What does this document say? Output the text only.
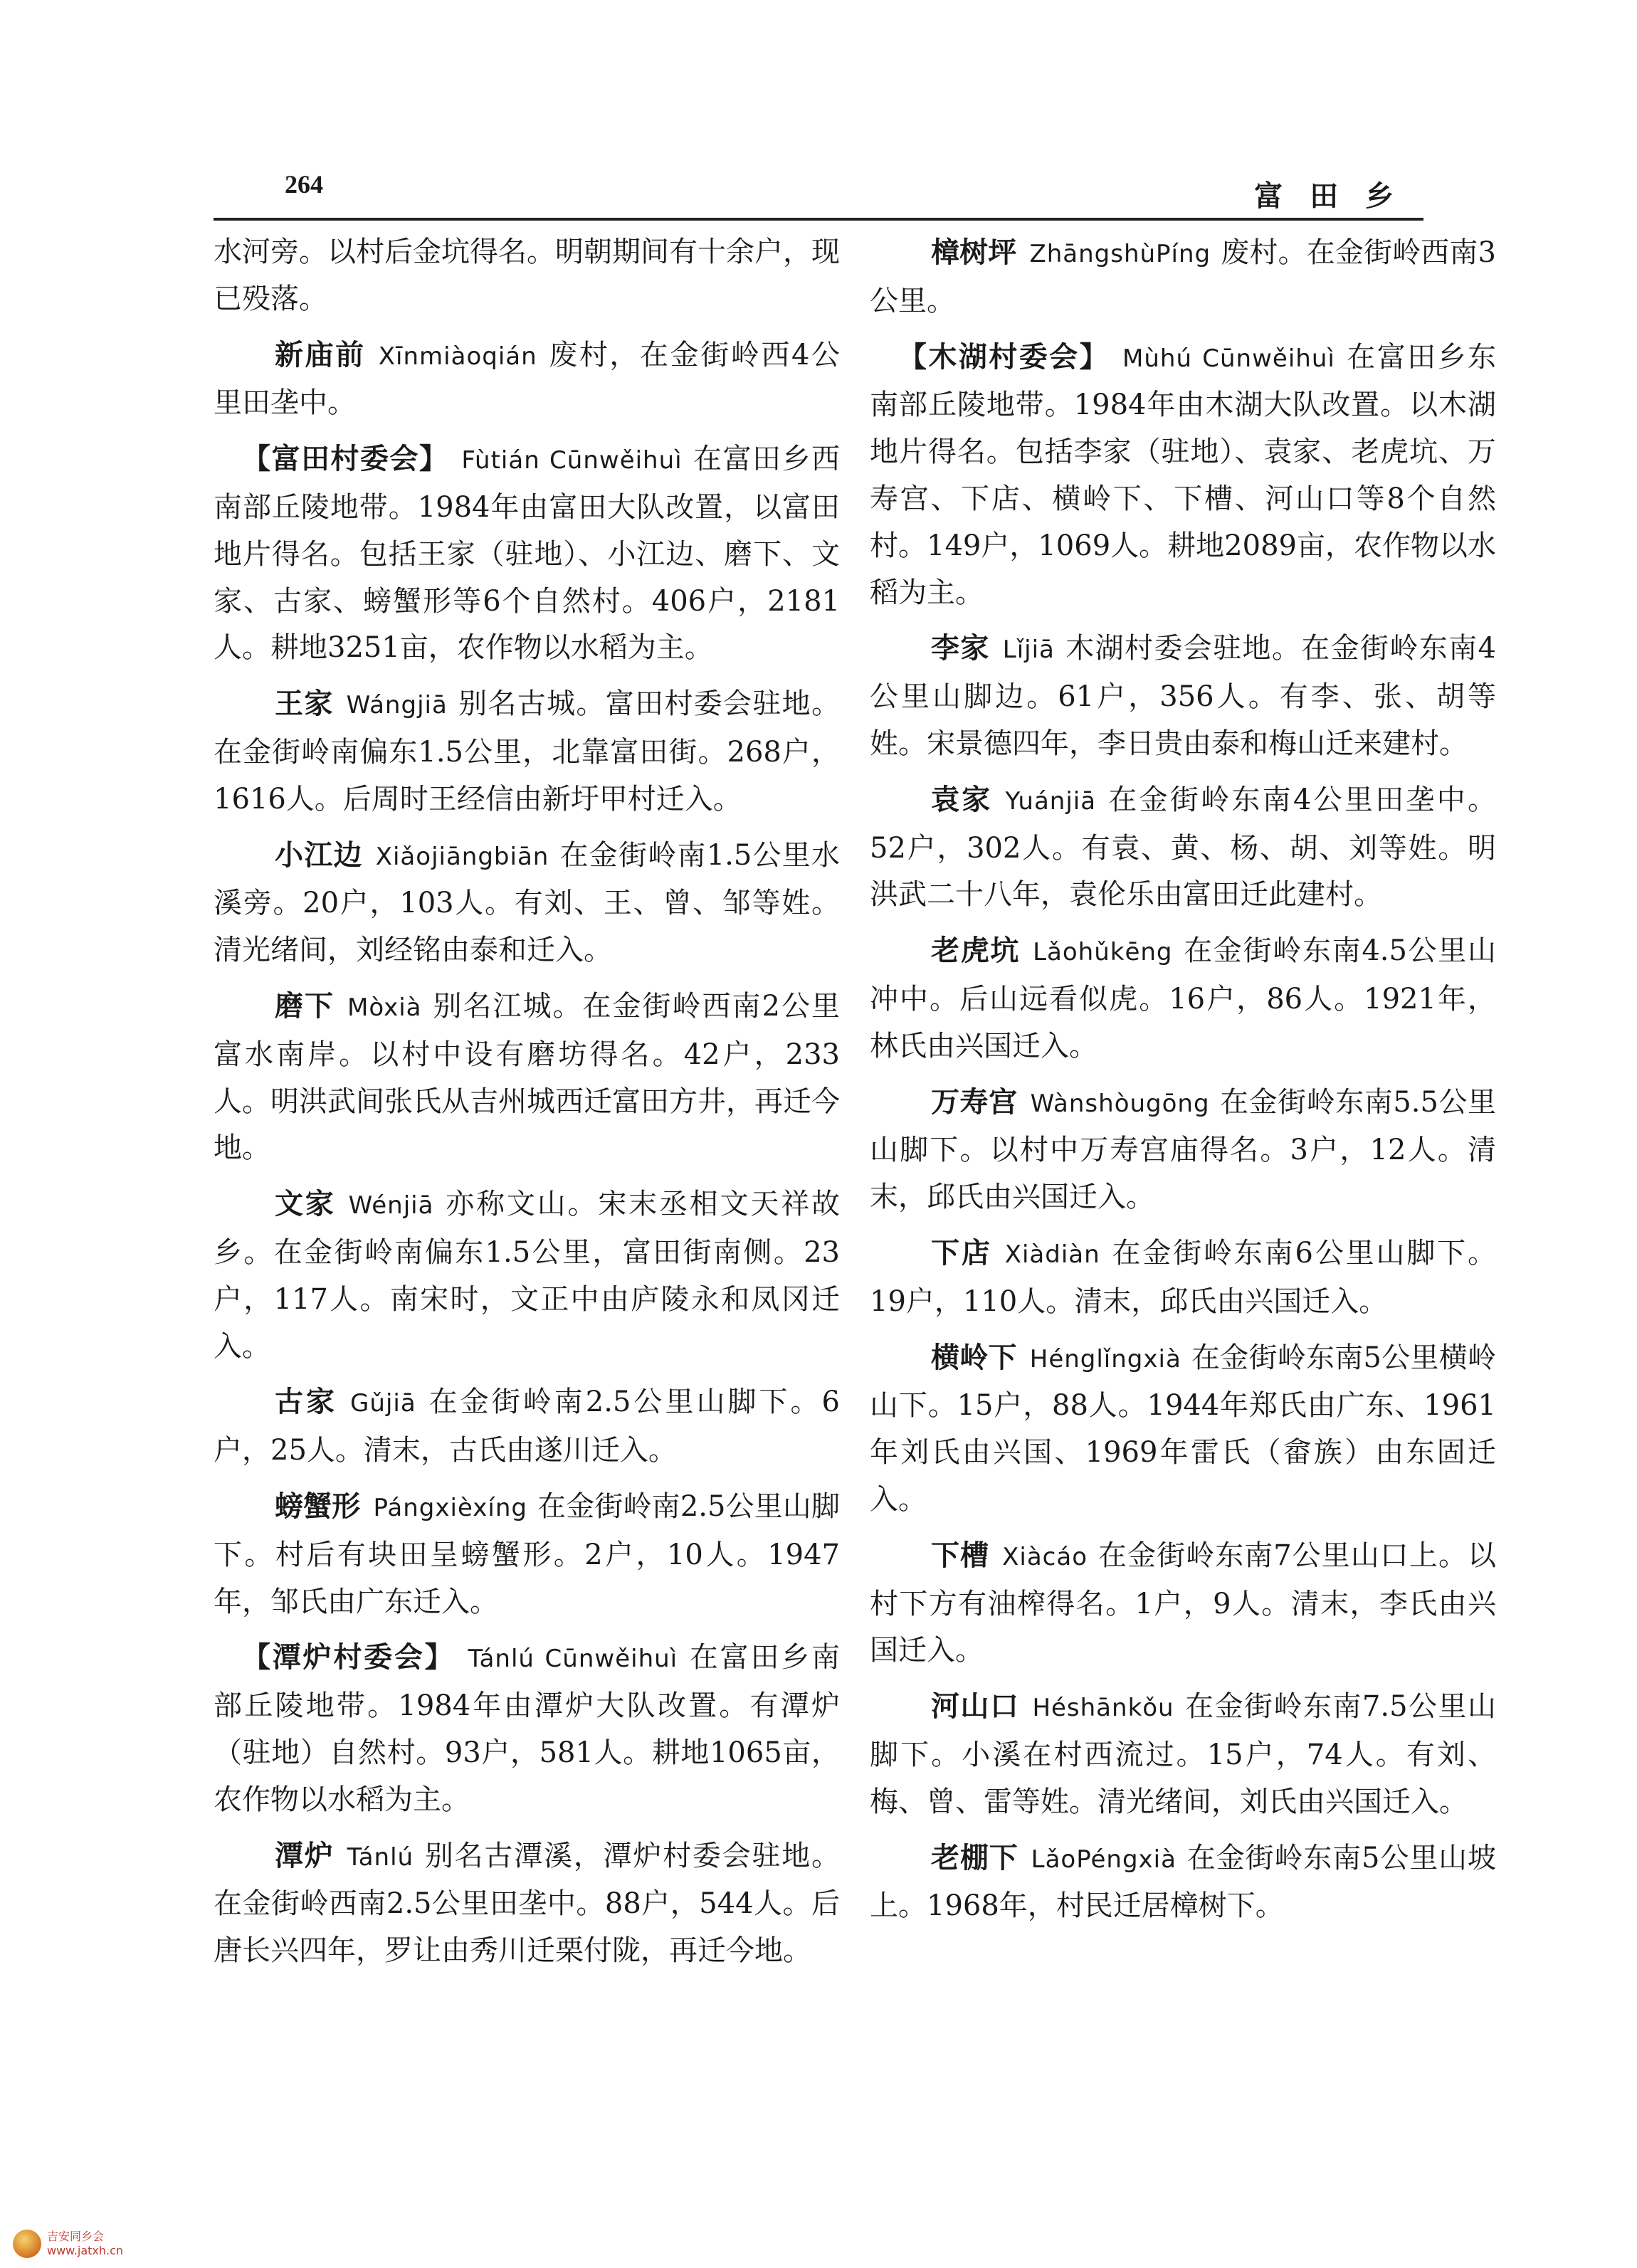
264	富 田 乡

水河旁。以村后金坑得名。明朝期间有十余户，现已殁落。

新庙前 Xīnmiàoqián 废村，在金街岭西4公里田垄中。

【富田村委会】 Fùtián Cūnwěihuì 在富田乡西南部丘陵地带。1984年由富田大队改置，以富田地片得名。包括王家（驻地）、小江边、磨下、文家、古家、螃蟹形等6个自然村。406户，2181人。耕地3251亩，农作物以水稻为主。

王家 Wángjiā 别名古城。富田村委会驻地。在金街岭南偏东1.5公里，北靠富田街。268户，1616人。后周时王经信由新圩甲村迁入。

小江边 Xiǎojiāngbiān 在金街岭南1.5公里水溪旁。20户，103人。有刘、王、曾、邹等姓。清光绪间，刘经铭由泰和迁入。

磨下 Mòxià 别名江城。在金街岭西南2公里富水南岸。以村中设有磨坊得名。42户，233人。明洪武间张氏从吉州城西迁富田方井，再迁今地。

文家 Wénjiā 亦称文山。宋末丞相文天祥故乡。在金街岭南偏东1.5公里，富田街南侧。23户，117人。南宋时，文正中由庐陵永和凤冈迁入。

古家 Gǔjiā 在金街岭南2.5公里山脚下。6户，25人。清末，古氏由遂川迁入。

螃蟹形 Pángxièxíng 在金街岭南2.5公里山脚下。村后有块田呈螃蟹形。2户，10人。1947年，邹氏由广东迁入。

【潭炉村委会】 Tánlú Cūnwěihuì 在富田乡南部丘陵地带。1984年由潭炉大队改置。有潭炉（驻地）自然村。93户，581人。耕地1065亩，农作物以水稻为主。

潭炉 Tánlú 别名古潭溪，潭炉村委会驻地。在金街岭西南2.5公里田垄中。88户，544人。后唐长兴四年，罗让由秀川迁栗付陇，再迁今地。

樟树坪 ZhāngshùPíng 废村。在金街岭西南3公里。

【木湖村委会】 Mùhú Cūnwěihuì 在富田乡东南部丘陵地带。1984年由木湖大队改置。以木湖地片得名。包括李家（驻地）、袁家、老虎坑、万寿宫、下店、横岭下、下槽、河山口等8个自然村。149户，1069人。耕地2089亩，农作物以水稻为主。

李家 Lǐjiā 木湖村委会驻地。在金街岭东南4公里山脚边。61户，356人。有李、张、胡等姓。宋景德四年，李日贵由泰和梅山迁来建村。

袁家 Yuánjiā 在金街岭东南4公里田垄中。52户，302人。有袁、黄、杨、胡、刘等姓。明洪武二十八年，袁伦乐由富田迁此建村。

老虎坑 Lǎohǔkēng 在金街岭东南4.5公里山冲中。后山远看似虎。16户，86人。1921年，林氏由兴国迁入。

万寿宫 Wànshòugōng 在金街岭东南5.5公里山脚下。以村中万寿宫庙得名。3户，12人。清末，邱氏由兴国迁入。

下店 Xiàdiàn 在金街岭东南6公里山脚下。19户，110人。清末，邱氏由兴国迁入。

横岭下 Hénglǐngxià 在金街岭东南5公里横岭山下。15户，88人。1944年郑氏由广东、1961年刘氏由兴国、1969年雷氏（畲族）由东固迁入。

下槽 Xiàcáo 在金街岭东南7公里山口上。以村下方有油榨得名。1户，9人。清末，李氏由兴国迁入。

河山口 Héshānkǒu 在金街岭东南7.5公里山脚下。小溪在村西流过。15户，74人。有刘、梅、曾、雷等姓。清光绪间，刘氏由兴国迁入。

老棚下 LǎoPéngxià 在金街岭东南5公里山坡上。1968年，村民迁居樟树下。

吉安同乡会
www.jatxh.cn
